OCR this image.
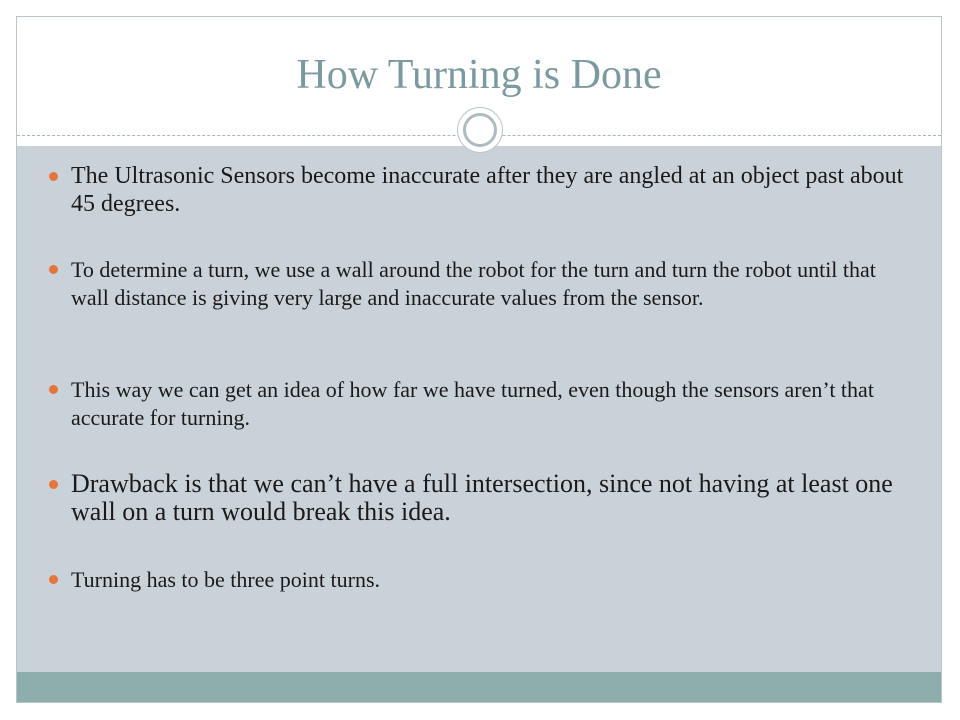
How Turning is Done
The Ultrasonic Sensors become inaccurate after they are angled at an object past about 45 degrees.
To determine a turn, we use a wall around the robot for the turn and turn the robot until that wall distance is giving very large and inaccurate values from the sensor.
This way we can get an idea of how far we have turned, even though the sensors aren’t that accurate for turning.
Drawback is that we can’t have a full intersection, since not having at least one wall on a turn would break this idea.
Turning has to be three point turns.
